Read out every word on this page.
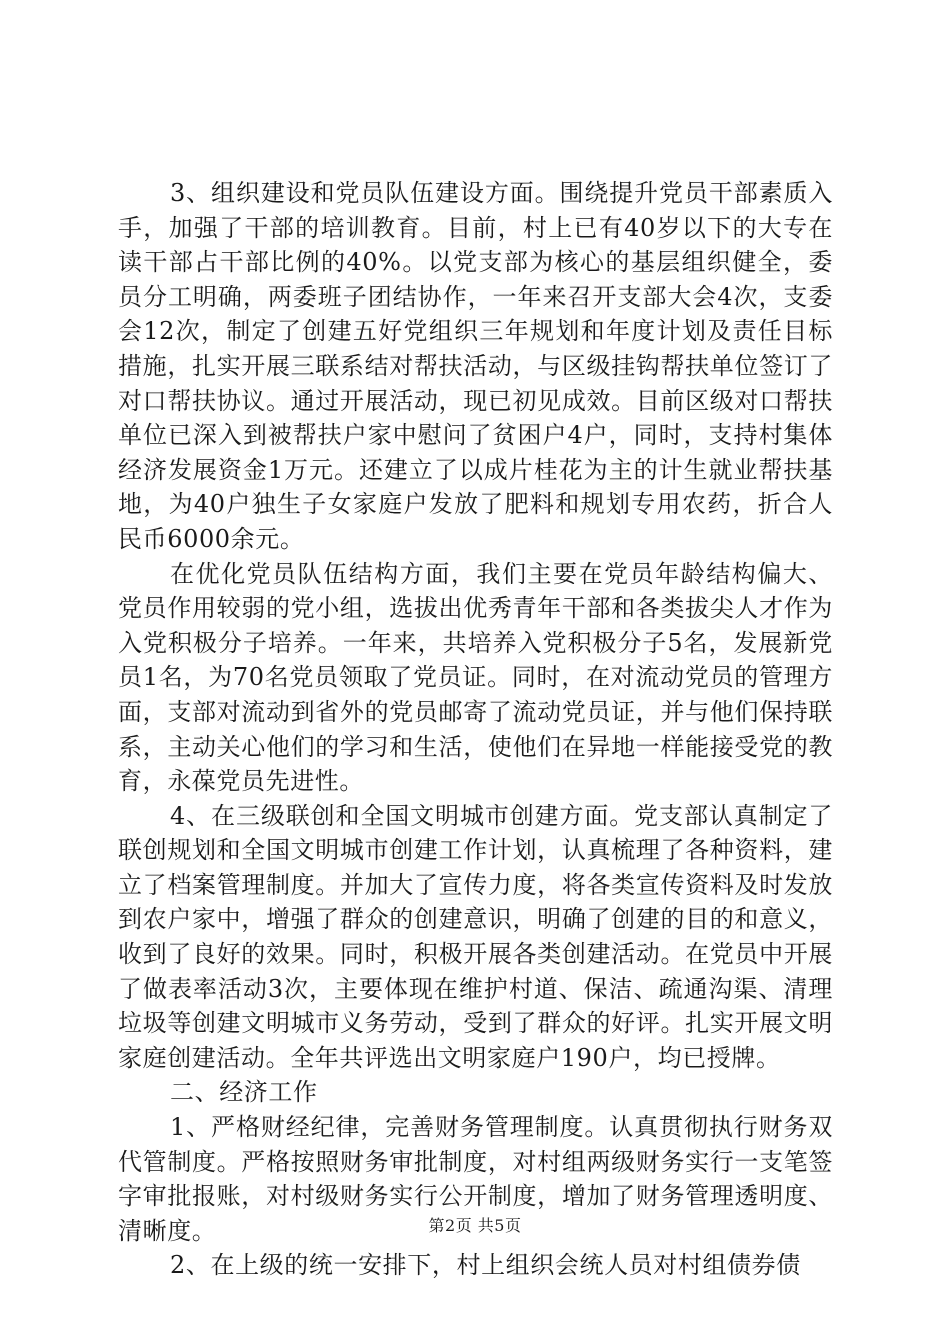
3、组织建设和党员队伍建设方面。围绕提升党员干部素质入手，加强了干部的培训教育。目前，村上已有40岁以下的大专在读干部占干部比例的40%。以党支部为核心的基层组织健全，委员分工明确，两委班子团结协作，一年来召开支部大会4次，支委会12次，制定了创建五好党组织三年规划和年度计划及责任目标措施，扎实开展三联系结对帮扶活动，与区级挂钩帮扶单位签订了对口帮扶协议。通过开展活动，现已初见成效。目前区级对口帮扶单位已深入到被帮扶户家中慰问了贫困户4户，同时，支持村集体经济发展资金1万元。还建立了以成片桂花为主的计生就业帮扶基地，为40户独生子女家庭户发放了肥料和规划专用农药，折合人民币6000余元。

在优化党员队伍结构方面，我们主要在党员年龄结构偏大、党员作用较弱的党小组，选拔出优秀青年干部和各类拔尖人才作为入党积极分子培养。一年来，共培养入党积极分子5名，发展新党员1名，为70名党员领取了党员证。同时，在对流动党员的管理方面，支部对流动到省外的党员邮寄了流动党员证，并与他们保持联系，主动关心他们的学习和生活，使他们在异地一样能接受党的教育，永葆党员先进性。

4、在三级联创和全国文明城市创建方面。党支部认真制定了联创规划和全国文明城市创建工作计划，认真梳理了各种资料，建立了档案管理制度。并加大了宣传力度，将各类宣传资料及时发放到农户家中，增强了群众的创建意识，明确了创建的目的和意义，收到了良好的效果。同时，积极开展各类创建活动。在党员中开展了做表率活动3次，主要体现在维护村道、保洁、疏通沟渠、清理垃圾等创建文明城市义务劳动，受到了群众的好评。扎实开展文明家庭创建活动。全年共评选出文明家庭户190户，均已授牌。

二、经济工作

1、严格财经纪律，完善财务管理制度。认真贯彻执行财务双代管制度。严格按照财务审批制度，对村组两级财务实行一支笔签字审批报账，对村级财务实行公开制度，增加了财务管理透明度、清晰度。

2、在上级的统一安排下，村上组织会统人员对村组债券债

第2页 共5页
